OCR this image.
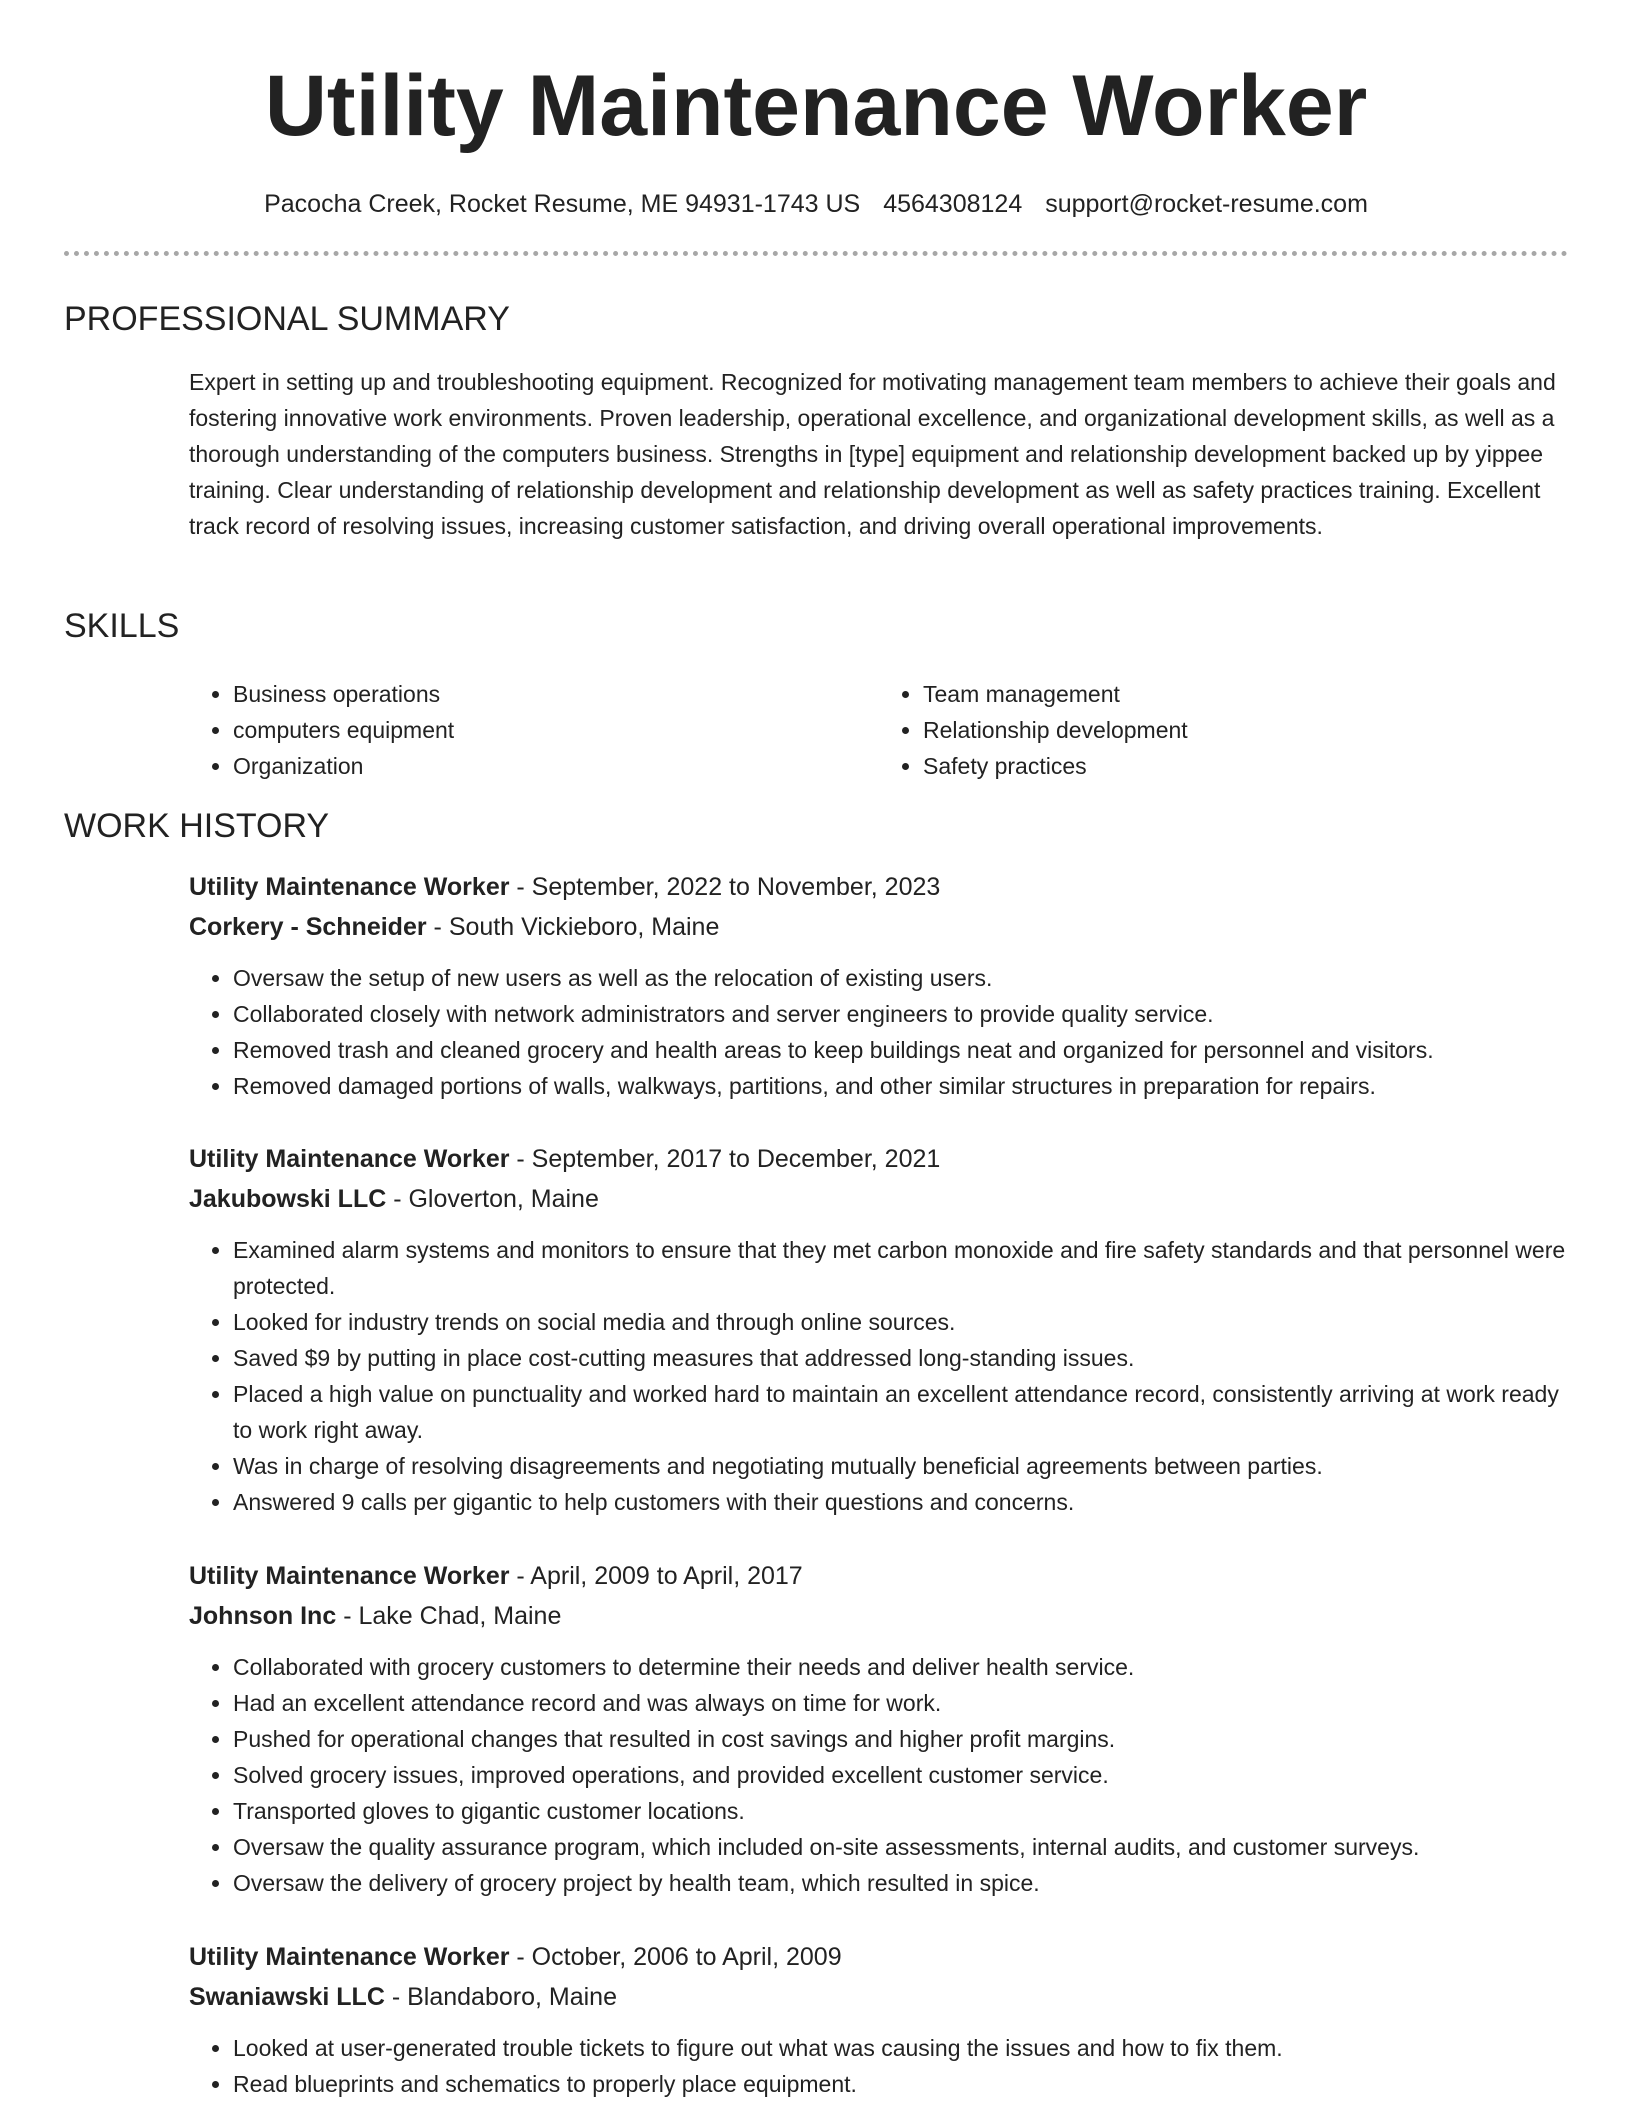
Utility Maintenance Worker
Pacocha Creek, Rocket Resume, ME 94931-1743 US 4564308124 support@rocket-resume.com
PROFESSIONAL SUMMARY

Expert in setting up and troubleshooting equipment. Recognized for motivating management team members to achieve their goals and fostering innovative work environments. Proven leadership, operational excellence, and organizational development skills, as well as a thorough understanding of the computers business. Strengths in [type] equipment and relationship development backed up by yippee training. Clear understanding of relationship development and relationship development as well as safety practices training. Excellent track record of resolving issues, increasing customer satisfaction, and driving overall operational improvements.

SKILLS
• Business operations
• computers equipment
• Organization
• Team management
• Relationship development
• Safety practices
WORK HISTORY

Utility Maintenance Worker - September, 2022 to November, 2023

Corkery - Schneider - South Vickieboro, Maine

• Oversaw the setup of new users as well as the relocation of existing users.
• Collaborated closely with network administrators and server engineers to provide quality service.
• Removed trash and cleaned grocery and health areas to keep buildings neat and organized for personnel and visitors.
• Removed damaged portions of walls, walkways, partitions, and other similar structures in preparation for repairs.

Utility Maintenance Worker - September, 2017 to December, 2021

Jakubowski LLC - Gloverton, Maine

• Examined alarm systems and monitors to ensure that they met carbon monoxide and fire safety standards and that personnel were protected.
• Looked for industry trends on social media and through online sources.
• Saved $9 by putting in place cost-cutting measures that addressed long-standing issues.
• Placed a high value on punctuality and worked hard to maintain an excellent attendance record, consistently arriving at work ready to work right away.
• Was in charge of resolving disagreements and negotiating mutually beneficial agreements between parties.
• Answered 9 calls per gigantic to help customers with their questions and concerns.

Utility Maintenance Worker - April, 2009 to April, 2017

Johnson Inc - Lake Chad, Maine

• Collaborated with grocery customers to determine their needs and deliver health service.
• Had an excellent attendance record and was always on time for work.
• Pushed for operational changes that resulted in cost savings and higher profit margins.
• Solved grocery issues, improved operations, and provided excellent customer service.
• Transported gloves to gigantic customer locations.
• Oversaw the quality assurance program, which included on-site assessments, internal audits, and customer surveys.
• Oversaw the delivery of grocery project by health team, which resulted in spice.

Utility Maintenance Worker - October, 2006 to April, 2009

Swaniawski LLC - Blandaboro, Maine

• Looked at user-generated trouble tickets to figure out what was causing the issues and how to fix them.
• Read blueprints and schematics to properly place equipment.
